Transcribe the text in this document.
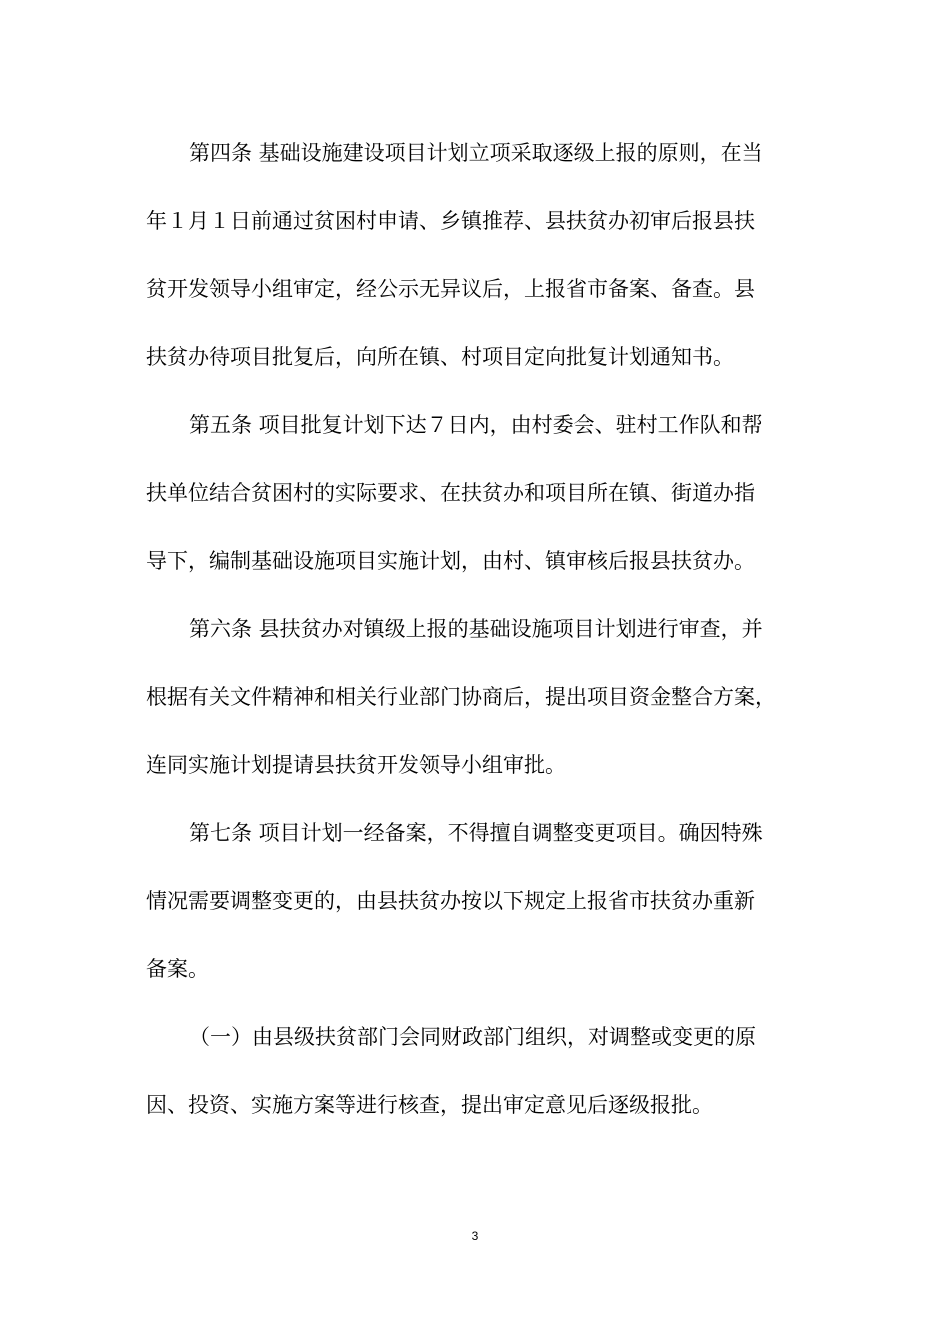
第四条 基础设施建设项目计划立项采取逐级上报的原则，在当
年１月１日前通过贫困村申请、乡镇推荐、县扶贫办初审后报县扶
贫开发领导小组审定，经公示无异议后，上报省市备案、备查。县
扶贫办待项目批复后，向所在镇、村项目定向批复计划通知书。
第五条 项目批复计划下达７日内，由村委会、驻村工作队和帮
扶单位结合贫困村的实际要求、在扶贫办和项目所在镇、街道办指
导下，编制基础设施项目实施计划，由村、镇审核后报县扶贫办。
第六条 县扶贫办对镇级上报的基础设施项目计划进行审查，并
根据有关文件精神和相关行业部门协商后，提出项目资金整合方案，
连同实施计划提请县扶贫开发领导小组审批。
第七条 项目计划一经备案，不得擅自调整变更项目。确因特殊
情况需要调整变更的，由县扶贫办按以下规定上报省市扶贫办重新
备案。
（一）由县级扶贫部门会同财政部门组织，对调整或变更的原
因、投资、实施方案等进行核查，提出审定意见后逐级报批。
3
